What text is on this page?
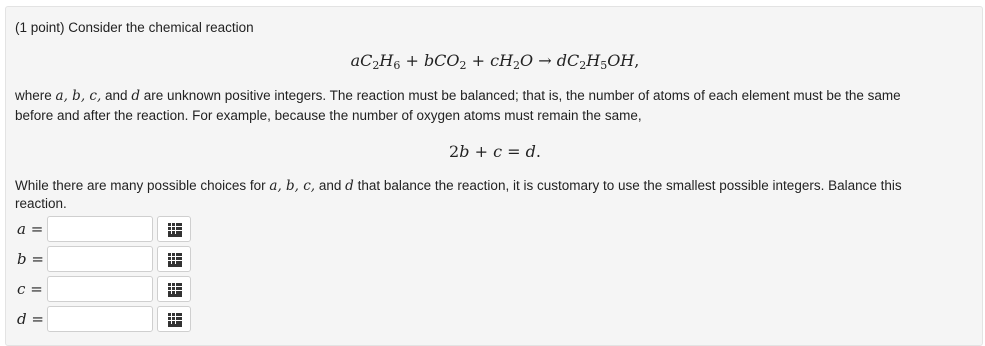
(1 point) Consider the chemical reaction
$aC_2H_6 + bCO_2 + cH_2O \to dC_2H_5OH$,
where a, b, c, and d are unknown positive integers. The reaction must be balanced; that is, the number of atoms of each element must be the same
before and after the reaction. For example, because the number of oxygen atoms must remain the same,
2b + c = d.
While there are many possible choices for a, b, c, and d that balance the reaction, it is customary to use the smallest possible integers. Balance this
reaction.
a =
b =
c =
d =
